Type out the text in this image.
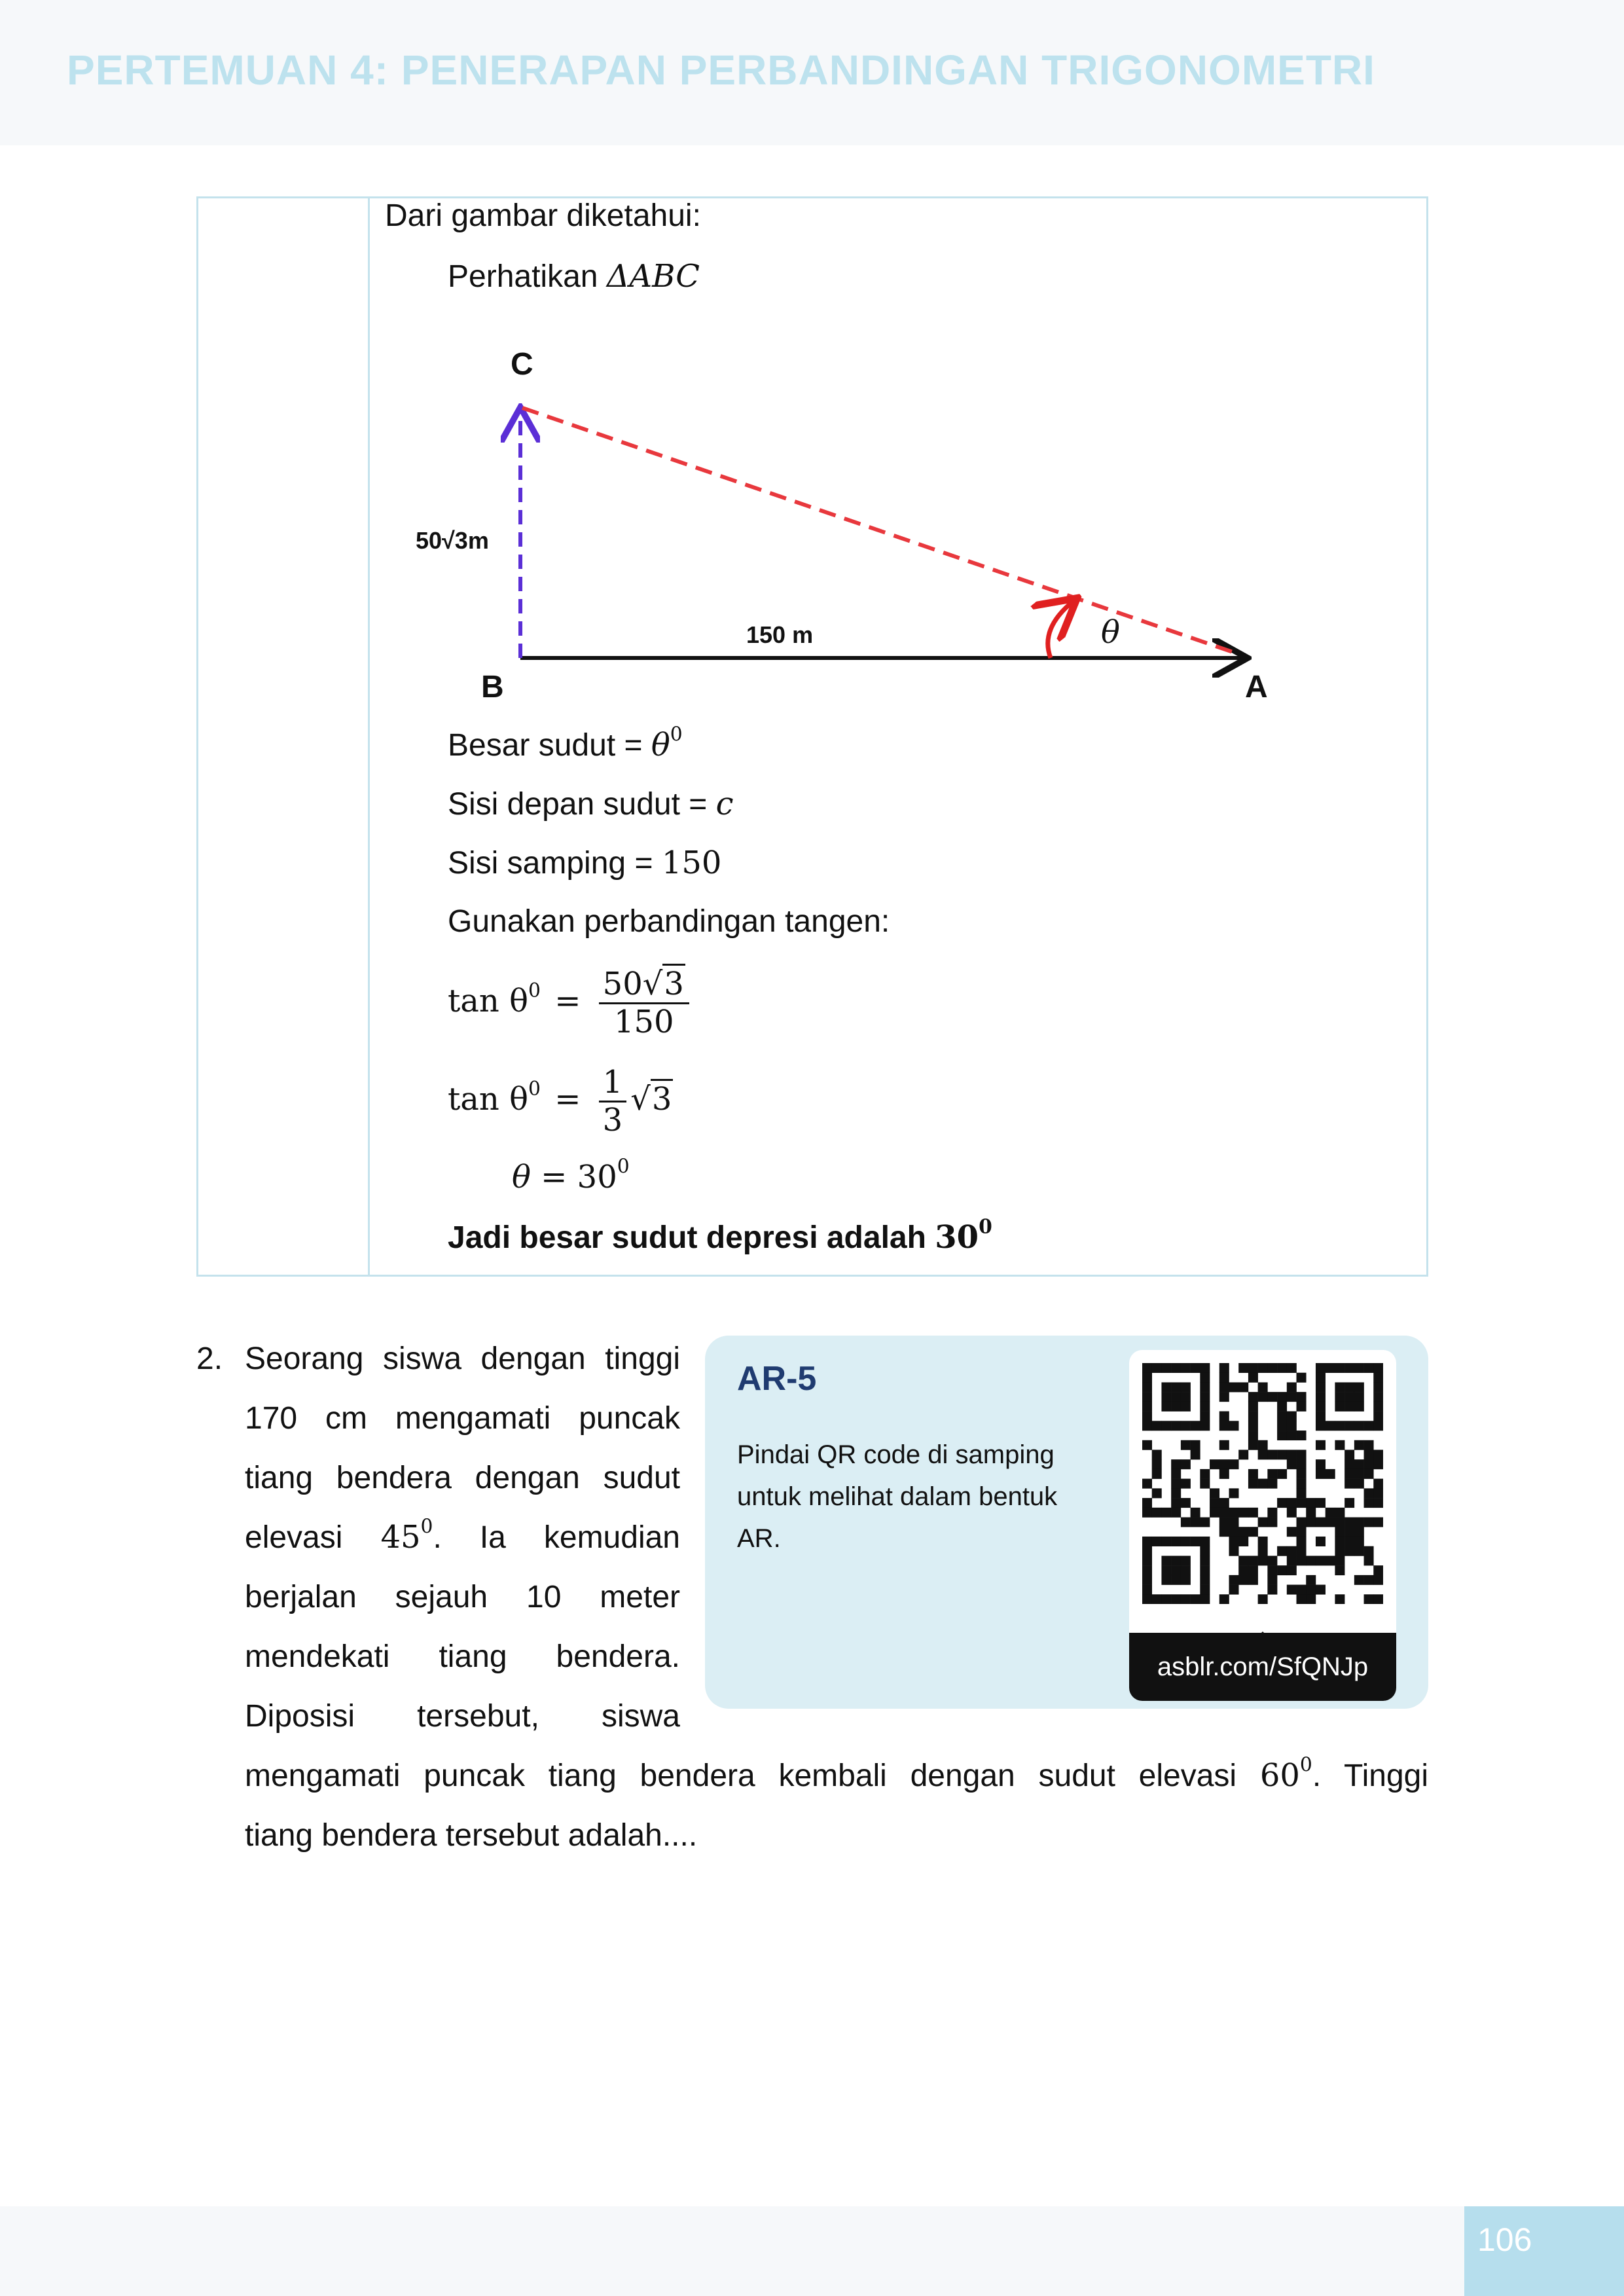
PERTEMUAN 4: PENERAPAN PERBANDINGAN TRIGONOMETRI
Dari gambar diketahui:
Perhatikan ΔABC
C
B	A
50√3m
150 m	θ
Besar sudut = $\theta^0$
Sisi depan sudut = c
Sisi samping = 150
Gunakan perbandingan tangen:
$\tan \theta^0 = \frac{50√3}{150}$
$\tan \theta^0 = \frac{1}{3} √3$
$\theta = 30^0$
Jadi besar sudut depresi adalah $30^0$
2. Seorang siswa dengan tinggi
170 cm mengamati puncak
tiang bendera dengan sudut
elevasi $45^0$. Ia kemudian
berjalan sejauh 10 meter
mendekati tiang bendera.
Diposisi tersebut, siswa
mengamati puncak tiang bendera kembali dengan sudut elevasi $60^0$. Tinggi
tiang bendera tersebut adalah....
AR-5
Pindai QR code di samping untuk melihat dalam bentuk AR.
asblr.com/SfQNJp
106
